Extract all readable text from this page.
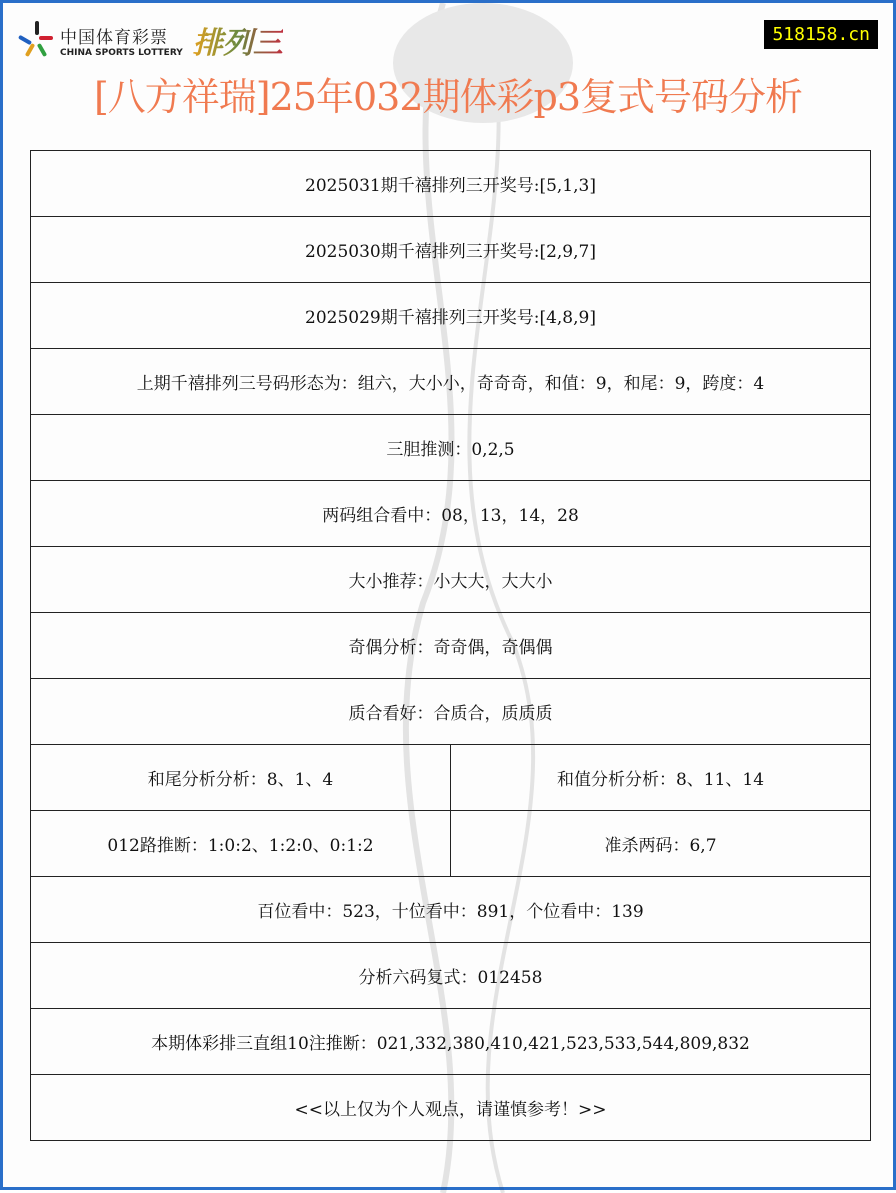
中国体育彩票
CHINA SPORTS LOTTERY 排列三	518158.cn
[八方祥瑞]25年032期体彩p3复式号码分析
2025031期千禧排列三开奖号:[5,1,3]	
2025030期千禧排列三开奖号:[2,9,7]	
2025029期千禧排列三开奖号:[4,8,9]	
上期千禧排列三号码形态为：组六，大小小，奇奇奇，和值：9，和尾：9，跨度：4	
三胆推测：0,2,5	
两码组合看中：08，13，14，28	
大小推荐：小大大，大大小	
奇偶分析：奇奇偶，奇偶偶	
质合看好：合质合，质质质	
和尾分析分析：8、1、4	和值分析分析：8、11、14
012路推断：1:0:2、1:2:0、0:1:2	准杀两码：6,7
百位看中：523，十位看中：891，个位看中：139	
分析六码复式：012458	
本期体彩排三直组10注推断：021,332,380,410,421,523,533,544,809,832	
<<以上仅为个人观点，请谨慎参考！>>	
